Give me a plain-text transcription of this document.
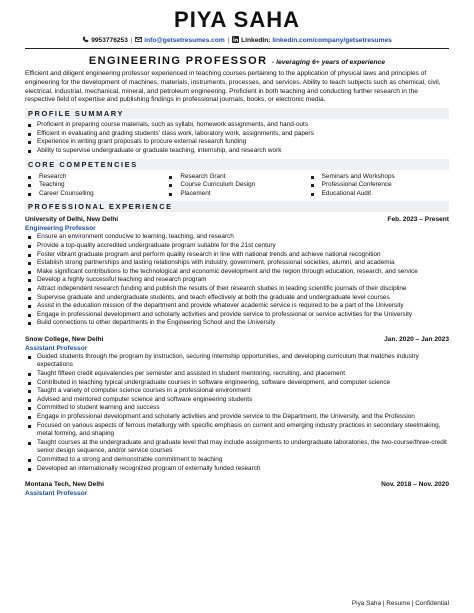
PIYA SAHA
9953776253 | info@getsetresumes.com | LinkedIn: linkedin.com/company/getsetresumes
ENGINEERING PROFESSOR - leveraging 6+ years of experience
Efficient and diligent engineering professor experienced in teaching courses pertaining to the application of physical laws and principles of engineering for the development of machines, materials, instruments, processes, and services. Ability to teach subjects such as chemical, civil, electrical, industrial, mechanical, mineral, and petroleum engineering. Proficient in both teaching and conducting further research in the respective field of expertise and publishing findings in professional journals, books, or electronic media.
PROFILE SUMMARY
Proficient in preparing course materials, such as syllabi, homework assignments, and hand-outs
Efficient in evaluating and grading students' class work, laboratory work, assignments, and papers
Experience in writing grant proposals to procure external research funding
Ability to supervise undergraduate or graduate teaching, internship, and research work
CORE COMPETENCIES
Research	Research Grant	Seminars and Workshops
Teaching	Course Curriculum Design	Professional Conference
Career Counselling	Placement	Educational Audit
PROFESSIONAL EXPERIENCE
University of Delhi, New Delhi	Feb. 2023 – Present
Engineering Professor
Ensure an environment conducive to learning, teaching, and research
Provide a top-quality accredited undergraduate program suitable for the 21st century
Foster vibrant graduate program and perform quality research in line with national trends and achieve national recognition
Establish strong partnerships and lasting relationships with industry, government, professional societies, alumni, and academia
Make significant contributions to the technological and economic development and the region through education, research, and service
Develop a highly successful teaching and research program
Attract independent research funding and publish the results of their research studies in leading scientific journals of their discipline
Supervise graduate and undergraduate students, and teach effectively at both the graduate and undergraduate level courses
Assist in the education mission of the department and provide whatever academic service is required to be a part of the University
Engage in professional development and scholarly activities and provide service to professional or service activities for the University
Build connections to other departments in the Engineering School and the University
Snow College, New Delhi	Jan. 2020 – Jan 2023
Assistant Professor
Guided students through the program by instruction, securing internship opportunities, and developing curriculum that matches industry expectations
Taught fifteen credit equivalencies per semester and assisted in student mentoring, recruiting, and placement
Contributed in teaching typical undergraduate courses in software engineering, software development, and computer science
Taught a variety of computer science courses in a professional environment
Advised and mentored computer science and software engineering students
Committed to student learning and success
Engage in professional development and scholarly activities and provide service to the Department, the University, and the Profession
Focused on various aspects of ferrous metallurgy with specific emphasis on current and emerging industry practices in secondary steelmaking, metal forming, and shaping
Taught courses at the undergraduate and graduate level that may include assignments to undergraduate laboratories, the two-course/three-credit senior design sequence, and/or service courses
Committed to a strong and demonstrable commitment to teaching
Developed an internationally recognized program of externally funded research
Montana Tech, New Delhi	Nov. 2018 – Nov. 2020
Assistant Professor
Piya Saha | Resume | Confidential
